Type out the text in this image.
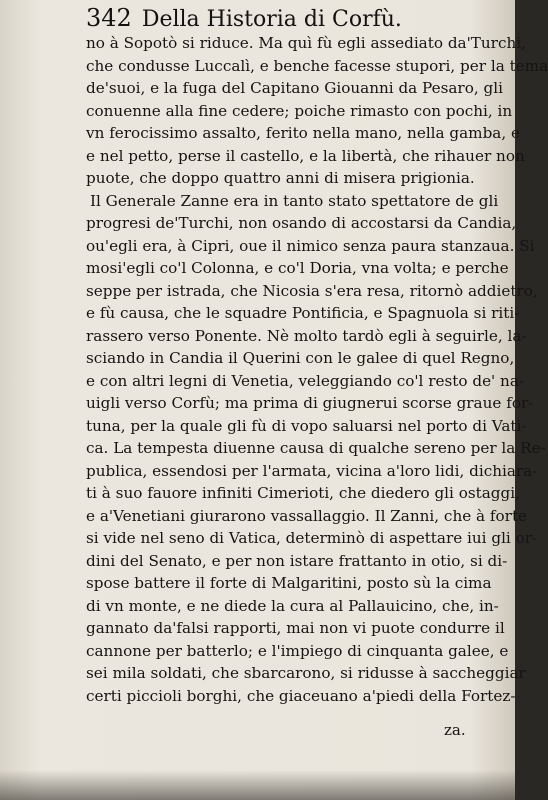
342 Della Historia di Corfù.
no à Sopotò si riduce. Ma quì fù egli assediato da'Turchi,
che condusse Luccalì, e benche facesse stupori, per la tema
de'suoi, e la fuga del Capitano Giouanni da Pesaro, gli
conuenne alla fine cedere; poiche rimasto con pochi, in
vn ferocissimo assalto, ferito nella mano, nella gamba, e
e nel petto, perse il castello, e la libertà, che rihauer non
puote, che doppo quattro anni di misera prigionia.
Il Generale Zanne era in tanto stato spettatore de gli
progresi de'Turchi, non osando di accostarsi da Candia,
ou'egli era, à Cipri, oue il nimico senza paura stanzaua. Si
mosi'egli co'l Colonna, e co'l Doria, vna volta; e perche
seppe per istrada, che Nicosia s'era resa, ritornò addietro,
e fù causa, che le squadre Pontificia, e Spagnuola si riti-
rassero verso Ponente. Nè molto tardò egli à seguirle, la-
sciando in Candia il Querini con le galee di quel Regno,
e con altri legni di Venetia, veleggiando co'l resto de' na-
uigli verso Corfù; ma prima di giugnerui scorse graue for-
tuna, per la quale gli fù di vopo saluarsi nel porto di Vati-
ca. La tempesta diuenne causa di qualche sereno per la Re-
publica, essendosi per l'armata, vicina a'loro lidi, dichiara-
ti à suo fauore infiniti Cimerioti, che diedero gli ostaggi,
e a'Venetiani giurarono vassallaggio. Il Zanni, che à forte
si vide nel seno di Vatica, determinò di aspettare iui gli or-
dini del Senato, e per non istare frattanto in otio, si di-
spose battere il forte di Malgaritini, posto sù la cima
di vn monte, e ne diede la cura al Pallauicino, che, in-
gannato da'falsi rapporti, mai non vi puote condurre il
cannone per batterlo; e l'impiego di cinquanta galee, e
sei mila soldati, che sbarcarono, si ridusse à saccheggiar
certi piccioli borghi, che giaceuano a'piedi della Fortez-
za.
